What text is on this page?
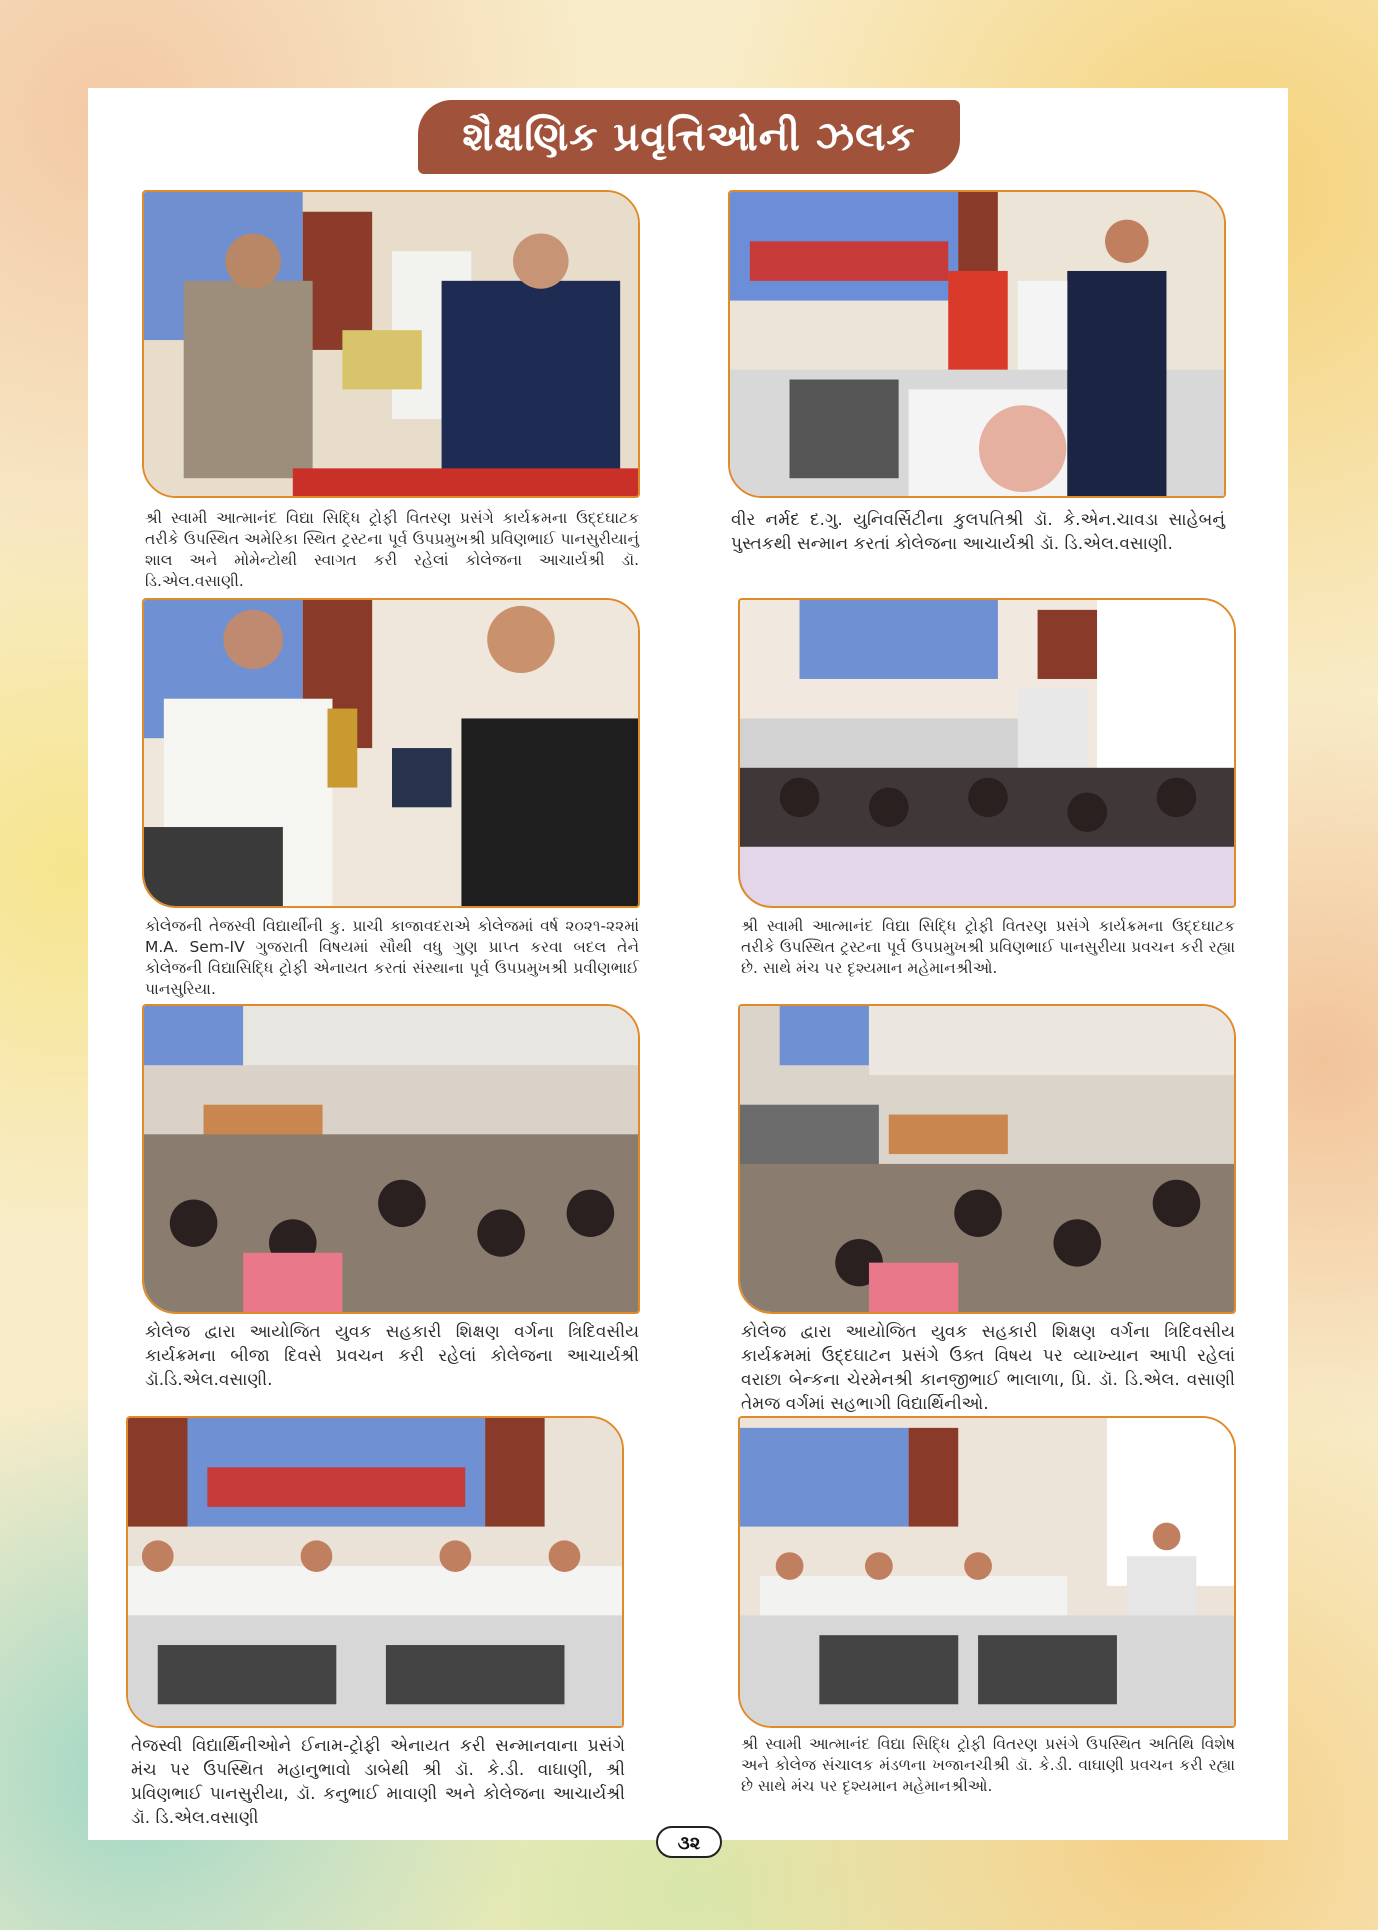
શૈક્ષણિક પ્રવૃત્તિઓની ઝલક
શ્રી સ્વામી આત્માનંદ વિદ્યા સિદ્ધિ ટ્રોફી વિતરણ પ્રસંગે કાર્યક્રમના ઉદ્દઘાટક તરીકે ઉપસ્થિત અમેરિકા સ્થિત ટ્રસ્ટના પૂર્વ ઉપપ્રમુખશ્રી પ્રવિણભાઈ પાનસુરીયાનું શાલ અને મોમેન્ટોથી સ્વાગત કરી રહેલાં કોલેજના આચાર્યશ્રી ડૉ. ડિ.એલ.વસાણી.
વીર નર્મદ દ.ગુ. યુનિવર્સિટીના કુલપતિશ્રી ડૉ. કે.એન.ચાવડા સાહેબનું પુસ્તકથી સન્માન કરતાં કોલેજના આચાર્યશ્રી ડૉ. ડિ.એલ.વસાણી.
કોલેજની તેજસ્વી વિદ્યાર્થીની કુ. પ્રાચી કાજાવદરાએ કોલેજમાં વર્ષ ૨૦૨૧-૨૨માં M.A. Sem-IV ગુજરાતી વિષયમાં સૌથી વધુ ગુણ પ્રાપ્ત કરવા બદલ તેને કોલેજની વિદ્યાસિદ્ધિ ટ્રોફી એનાયત કરતાં સંસ્થાના પૂર્વ ઉપપ્રમુખશ્રી પ્રવીણભાઈ પાનસુરિયા.
શ્રી સ્વામી આત્માનંદ વિદ્યા સિદ્ધિ ટ્રોફી વિતરણ પ્રસંગે કાર્યક્રમના ઉદ્દઘાટક તરીકે ઉપસ્થિત ટ્રસ્ટના પૂર્વ ઉપપ્રમુખશ્રી પ્રવિણભાઈ પાનસુરીયા પ્રવચન કરી રહ્યા છે. સાથે મંચ પર દૃશ્યમાન મહેમાનશ્રીઓ.
કોલેજ દ્વારા આયોજિત યુવક સહકારી શિક્ષણ વર્ગના ત્રિદિવસીય કાર્યક્રમના બીજા દિવસે પ્રવચન કરી રહેલાં કોલેજના આચાર્યશ્રી ડૉ.ડિ.એલ.વસાણી.
કોલેજ દ્વારા આયોજિત યુવક સહકારી શિક્ષણ વર્ગના ત્રિદિવસીય કાર્યક્રમમાં ઉદ્દઘાટન પ્રસંગે ઉક્ત વિષય પર વ્યાખ્યાન આપી રહેલાં વરાછા બેન્કના ચેરમેનશ્રી કાનજીભાઈ ભાલાળા, પ્રિ. ડૉ. ડિ.એલ. વસાણી તેમજ વર્ગમાં સહભાગી વિદ્યાર્થિનીઓ.
તેજસ્વી વિદ્યાર્થિનીઓને ઈનામ-ટ્રોફી એનાયત કરી સન્માનવાના પ્રસંગે મંચ પર ઉપસ્થિત મહાનુભાવો ડાબેથી શ્રી ડૉ. કે.ડી. વાઘાણી, શ્રી પ્રવિણભાઈ પાનસુરીયા, ડૉ. કનુભાઈ માવાણી અને કોલેજના આચાર્યશ્રી ડૉ. ડિ.એલ.વસાણી
શ્રી સ્વામી આત્માનંદ વિદ્યા સિદ્ધિ ટ્રોફી વિતરણ પ્રસંગે ઉપસ્થિત અતિથિ વિશેષ અને કોલેજ સંચાલક મંડળના ખજાનચીશ્રી ડૉ. કે.ડી. વાઘાણી પ્રવચન કરી રહ્યા છે સાથે મંચ પર દૃશ્યમાન મહેમાનશ્રીઓ.
૩૨
